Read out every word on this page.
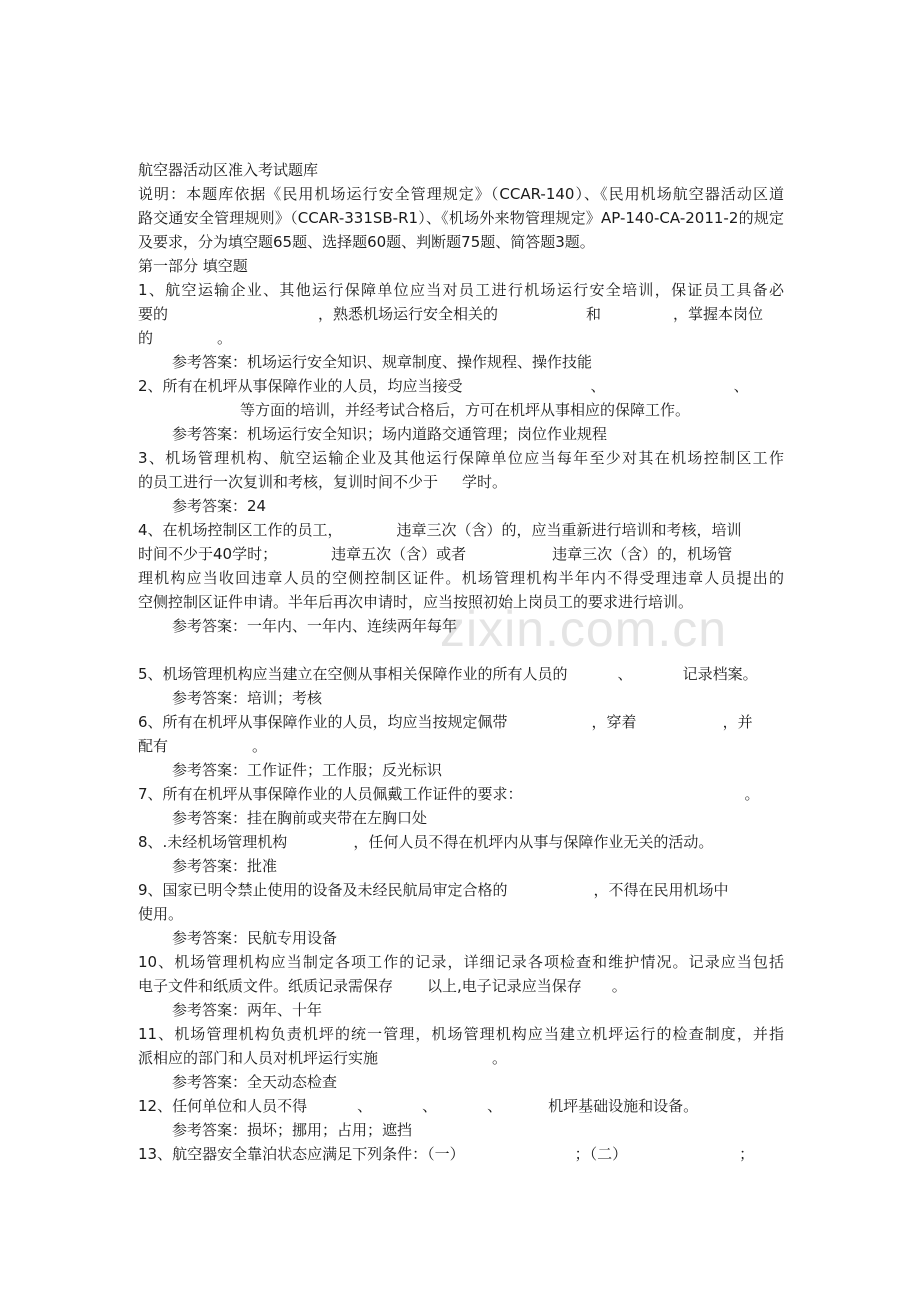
zixin.com.cn

航空器活动区准入考试题库

说明：本题库依据《民用机场运行安全管理规定》（CCAR-140）、《民用机场航空器活动区道

路交通安全管理规则》（CCAR-331SB-R1）、《机场外来物管理规定》AP-140-CA-2011-2的规定

及要求，分为填空题65题、选择题60题、判断题75题、简答题3题。

第一部分 填空题

1、航空运输企业、其他运行保障单位应当对员工进行机场运行安全培训，保证员工具备必

要的	，熟悉机场运行安全相关的	和	，掌握本岗位

的	。

参考答案：机场运行安全知识、规章制度、操作规程、操作技能

2、所有在机坪从事保障作业的人员，均应当接受	、	、

等方面的培训，并经考试合格后，方可在机坪从事相应的保障工作。

参考答案：机场运行安全知识；场内道路交通管理；岗位作业规程

3、机场管理机构、航空运输企业及其他运行保障单位应当每年至少对其在机场控制区工作

的员工进行一次复训和考核，复训时间不少于 学时。

参考答案：24

4、在机场控制区工作的员工，	违章三次（含）的，应当重新进行培训和考核，培训

时间不少于40学时；	违章五次（含）或者	违章三次（含）的，机场管

理机构应当收回违章人员的空侧控制区证件。机场管理机构半年内不得受理违章人员提出的

空侧控制区证件申请。半年后再次申请时，应当按照初始上岗员工的要求进行培训。

参考答案：一年内、一年内、连续两年每年

5、机场管理机构应当建立在空侧从事相关保障作业的所有人员的	、	记录档案。

参考答案：培训；考核

6、所有在机坪从事保障作业的人员，均应当按规定佩带	，穿着	，并

配有	。

参考答案：工作证件；工作服；反光标识

7、所有在机坪从事保障作业的人员佩戴工作证件的要求：	。

参考答案：挂在胸前或夹带在左胸口处

8、.未经机场管理机构	，任何人员不得在机坪内从事与保障作业无关的活动。

参考答案：批准

9、国家已明令禁止使用的设备及未经民航局审定合格的	，不得在民用机场中

使用。

参考答案：民航专用设备

10、机场管理机构应当制定各项工作的记录，详细记录各项检查和维护情况。记录应当包括

电子文件和纸质文件。纸质记录需保存 以上,电子记录应当保存 。

参考答案：两年、十年

11、机场管理机构负责机坪的统一管理，机场管理机构应当建立机坪运行的检查制度，并指

派相应的部门和人员对机坪运行实施	。

参考答案：全天动态检查

12、任何单位和人员不得	、	、	、	机坪基础设施和设备。

参考答案：损坏；挪用；占用；遮挡

13、航空器安全靠泊状态应满足下列条件：（一）	；（二）	；
